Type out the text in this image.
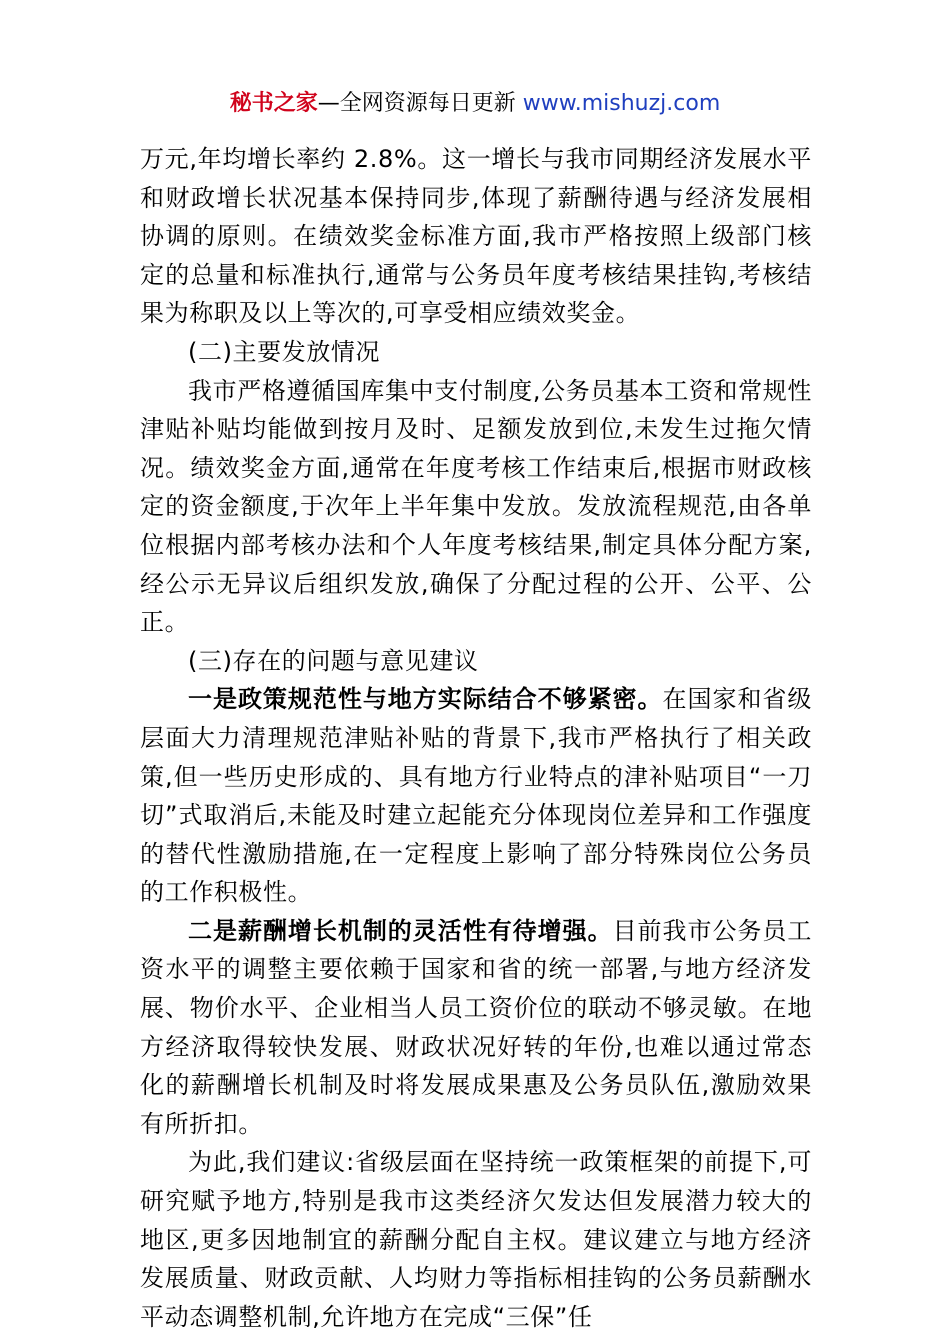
秘书之家—全网资源每日更新 www.mishuzj.com

万元,年均增长率约 2.8%。这一增长与我市同期经济发展水平和财政增长状况基本保持同步,体现了薪酬待遇与经济发展相协调的原则。在绩效奖金标准方面,我市严格按照上级部门核定的总量和标准执行,通常与公务员年度考核结果挂钩,考核结果为称职及以上等次的,可享受相应绩效奖金。

(二)主要发放情况

我市严格遵循国库集中支付制度,公务员基本工资和常规性津贴补贴均能做到按月及时、足额发放到位,未发生过拖欠情况。绩效奖金方面,通常在年度考核工作结束后,根据市财政核定的资金额度,于次年上半年集中发放。发放流程规范,由各单位根据内部考核办法和个人年度考核结果,制定具体分配方案,经公示无异议后组织发放,确保了分配过程的公开、公平、公正。

(三)存在的问题与意见建议

一是政策规范性与地方实际结合不够紧密。在国家和省级层面大力清理规范津贴补贴的背景下,我市严格执行了相关政策,但一些历史形成的、具有地方行业特点的津补贴项目“一刀切”式取消后,未能及时建立起能充分体现岗位差异和工作强度的替代性激励措施,在一定程度上影响了部分特殊岗位公务员的工作积极性。

二是薪酬增长机制的灵活性有待增强。目前我市公务员工资水平的调整主要依赖于国家和省的统一部署,与地方经济发展、物价水平、企业相当人员工资价位的联动不够灵敏。在地方经济取得较快发展、财政状况好转的年份,也难以通过常态化的薪酬增长机制及时将发展成果惠及公务员队伍,激励效果有所折扣。

为此,我们建议:省级层面在坚持统一政策框架的前提下,可研究赋予地方,特别是我市这类经济欠发达但发展潜力较大的地区,更多因地制宜的薪酬分配自主权。建议建立与地方经济发展质量、财政贡献、人均财力等指标相挂钩的公务员薪酬水平动态调整机制,允许地方在完成“三保”任
